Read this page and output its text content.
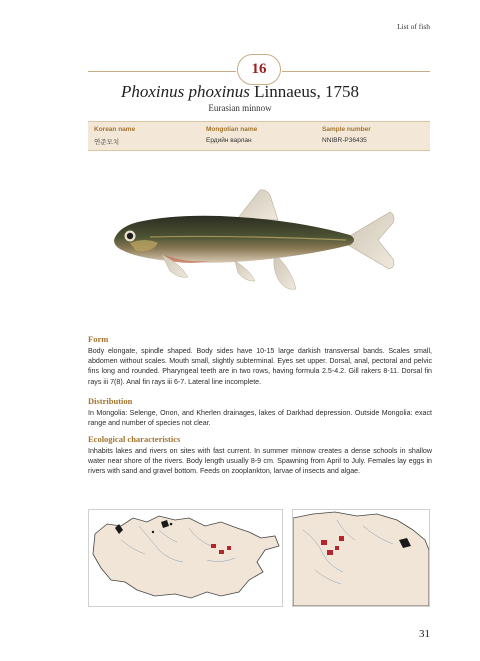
List of fish
16
Phoxinus phoxinus Linnaeus, 1758
Eurasian minnow
Korean name
연준모치
Mongolian name
Ердийн варлан
Sample number
NNIBR-P36435
Form

Body elongate, spindle shaped. Body sides have 10-15 large darkish transversal bands. Scales small, abdomen without scales. Mouth small, slightly subterminal. Eyes set upper. Dorsal, anal, pectoral and pelvic fins long and rounded. Pharyngeal teeth are in two rows, having formula 2.5-4.2. Gill rakers 8-11. Dorsal fin rays iii 7(8). Anal fin rays iii 6-7. Lateral line incomplete.

Distribution

In Mongolia: Selenge, Onon, and Kherlen drainages, lakes of Darkhad depression. Outside Mongolia: exact range and number of species not clear.

Ecological characteristics

Inhabits lakes and rivers on sites with fast current. In summer minnow creates a dense schools in shallow water near shore of the rivers. Body length usually 8-9 cm. Spawning from April to July. Females lay eggs in rivers with sand and gravel bottom. Feeds on zooplankton, larvae of insects and algae.

31
